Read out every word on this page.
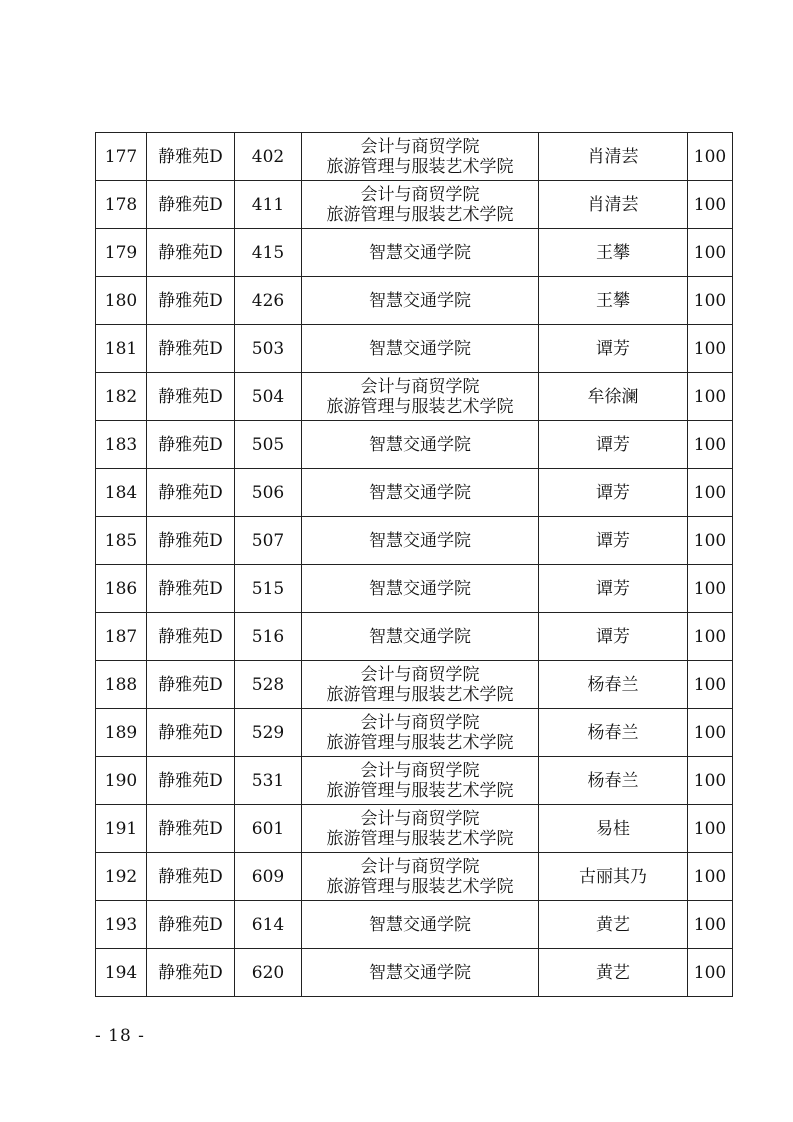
177	静雅苑D	402	会计与商贸学院
旅游管理与服装艺术学院	肖清芸	100
178	静雅苑D	411	会计与商贸学院
旅游管理与服装艺术学院	肖清芸	100
179	静雅苑D	415	智慧交通学院	王攀	100
180	静雅苑D	426	智慧交通学院	王攀	100
181	静雅苑D	503	智慧交通学院	谭芳	100
182	静雅苑D	504	会计与商贸学院
旅游管理与服装艺术学院	牟徐澜	100
183	静雅苑D	505	智慧交通学院	谭芳	100
184	静雅苑D	506	智慧交通学院	谭芳	100
185	静雅苑D	507	智慧交通学院	谭芳	100
186	静雅苑D	515	智慧交通学院	谭芳	100
187	静雅苑D	516	智慧交通学院	谭芳	100
188	静雅苑D	528	会计与商贸学院
旅游管理与服装艺术学院	杨春兰	100
189	静雅苑D	529	会计与商贸学院
旅游管理与服装艺术学院	杨春兰	100
190	静雅苑D	531	会计与商贸学院
旅游管理与服装艺术学院	杨春兰	100
191	静雅苑D	601	会计与商贸学院
旅游管理与服装艺术学院	易桂	100
192	静雅苑D	609	会计与商贸学院
旅游管理与服装艺术学院	古丽其乃	100
193	静雅苑D	614	智慧交通学院	黄艺	100
194	静雅苑D	620	智慧交通学院	黄艺	100
- 18 -
